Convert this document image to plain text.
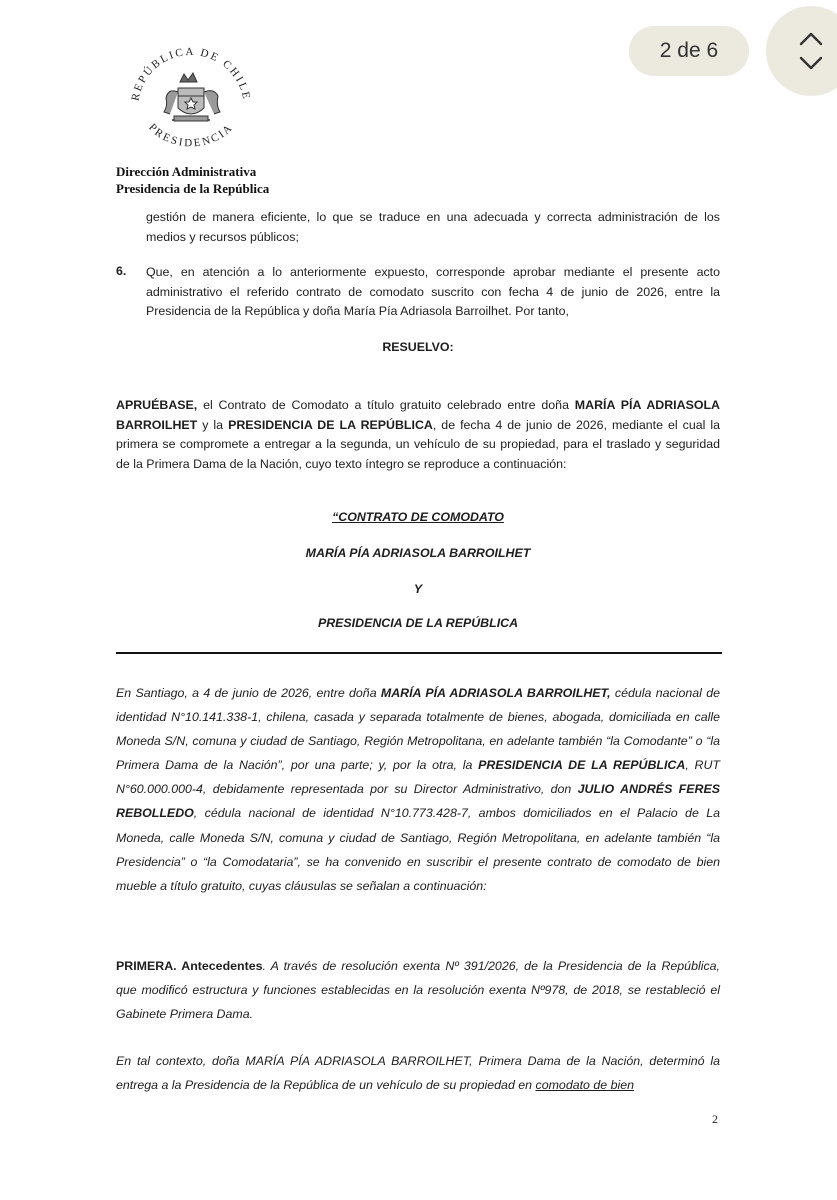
2 de 6
REPÚBLICA DE CHILE
PRESIDENCIA
Dirección Administrativa
Presidencia de la República
gestión de manera eficiente, lo que se traduce en una adecuada y correcta administración de los medios y recursos públicos;
6. Que, en atención a lo anteriormente expuesto, corresponde aprobar mediante el presente acto administrativo el referido contrato de comodato suscrito con fecha 4 de junio de 2026, entre la Presidencia de la República y doña María Pía Adriasola Barroilhet. Por tanto,
RESUELVO:
APRUÉBASE, el Contrato de Comodato a título gratuito celebrado entre doña MARÍA PÍA ADRIASOLA BARROILHET y la PRESIDENCIA DE LA REPÚBLICA, de fecha 4 de junio de 2026, mediante el cual la primera se compromete a entregar a la segunda, un vehículo de su propiedad, para el traslado y seguridad de la Primera Dama de la Nación, cuyo texto íntegro se reproduce a continuación:
“CONTRATO DE COMODATO
MARÍA PÍA ADRIASOLA BARROILHET
Y
PRESIDENCIA DE LA REPÚBLICA
En Santiago, a 4 de junio de 2026, entre doña MARÍA PÍA ADRIASOLA BARROILHET, cédula nacional de identidad N°10.141.338-1, chilena, casada y separada totalmente de bienes, abogada, domiciliada en calle Moneda S/N, comuna y ciudad de Santiago, Región Metropolitana, en adelante también “la Comodante” o “la Primera Dama de la Nación”, por una parte; y, por la otra, la PRESIDENCIA DE LA REPÚBLICA, RUT N°60.000.000-4, debidamente representada por su Director Administrativo, don JULIO ANDRÉS FERES REBOLLEDO, cédula nacional de identidad N°10.773.428-7, ambos domiciliados en el Palacio de La Moneda, calle Moneda S/N, comuna y ciudad de Santiago, Región Metropolitana, en adelante también “la Presidencia” o “la Comodataria”, se ha convenido en suscribir el presente contrato de comodato de bien mueble a título gratuito, cuyas cláusulas se señalan a continuación:
PRIMERA. Antecedentes. A través de resolución exenta Nº 391/2026, de la Presidencia de la República, que modificó estructura y funciones establecidas en la resolución exenta Nº978, de 2018, se restableció el Gabinete Primera Dama.
En tal contexto, doña MARÍA PÍA ADRIASOLA BARROILHET, Primera Dama de la Nación, determinó la entrega a la Presidencia de la República de un vehículo de su propiedad en comodato de bien
2
